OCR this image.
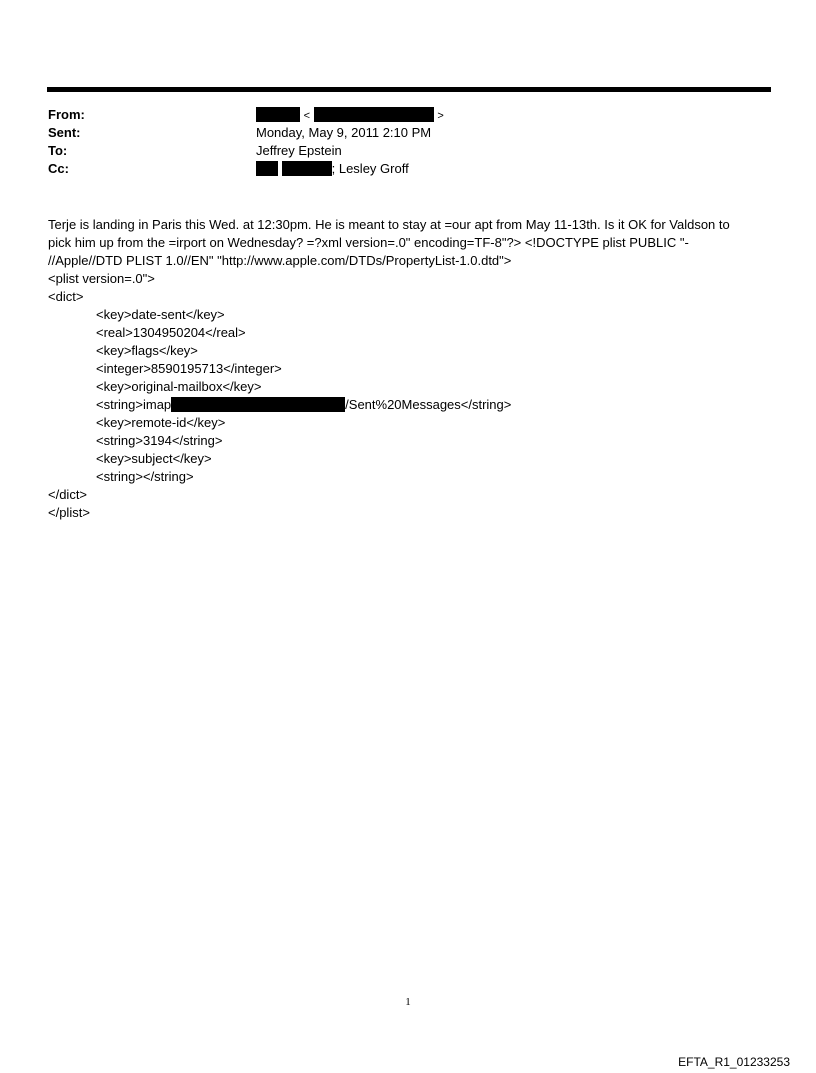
From:
Sent:
To:
Cc:
<	>
Monday, May 9, 2011 2:10 PM
Jeffrey Epstein
; Lesley Groff
Terje is landing in Paris this Wed. at 12:30pm. He is meant to stay at =our apt from May 11-13th. Is it OK for Valdson to
pick him up from the =irport on Wednesday? =?xml version=.0" encoding=TF-8"?> <!DOCTYPE plist PUBLIC "-
//Apple//DTD PLIST 1.0//EN" "http://www.apple.com/DTDs/PropertyList-1.0.dtd">
<plist version=.0">
<dict>
<key>date-sent</key>
<real>1304950204</real>
<key>flags</key>
<integer>8590195713</integer>
<key>original-mailbox</key>
<string>imap	/Sent%20Messages</string>
<key>remote-id</key>
<string>3194</string>
<key>subject</key>
<string></string>
</dict>
</plist>
1
EFTA_R1_01233253
